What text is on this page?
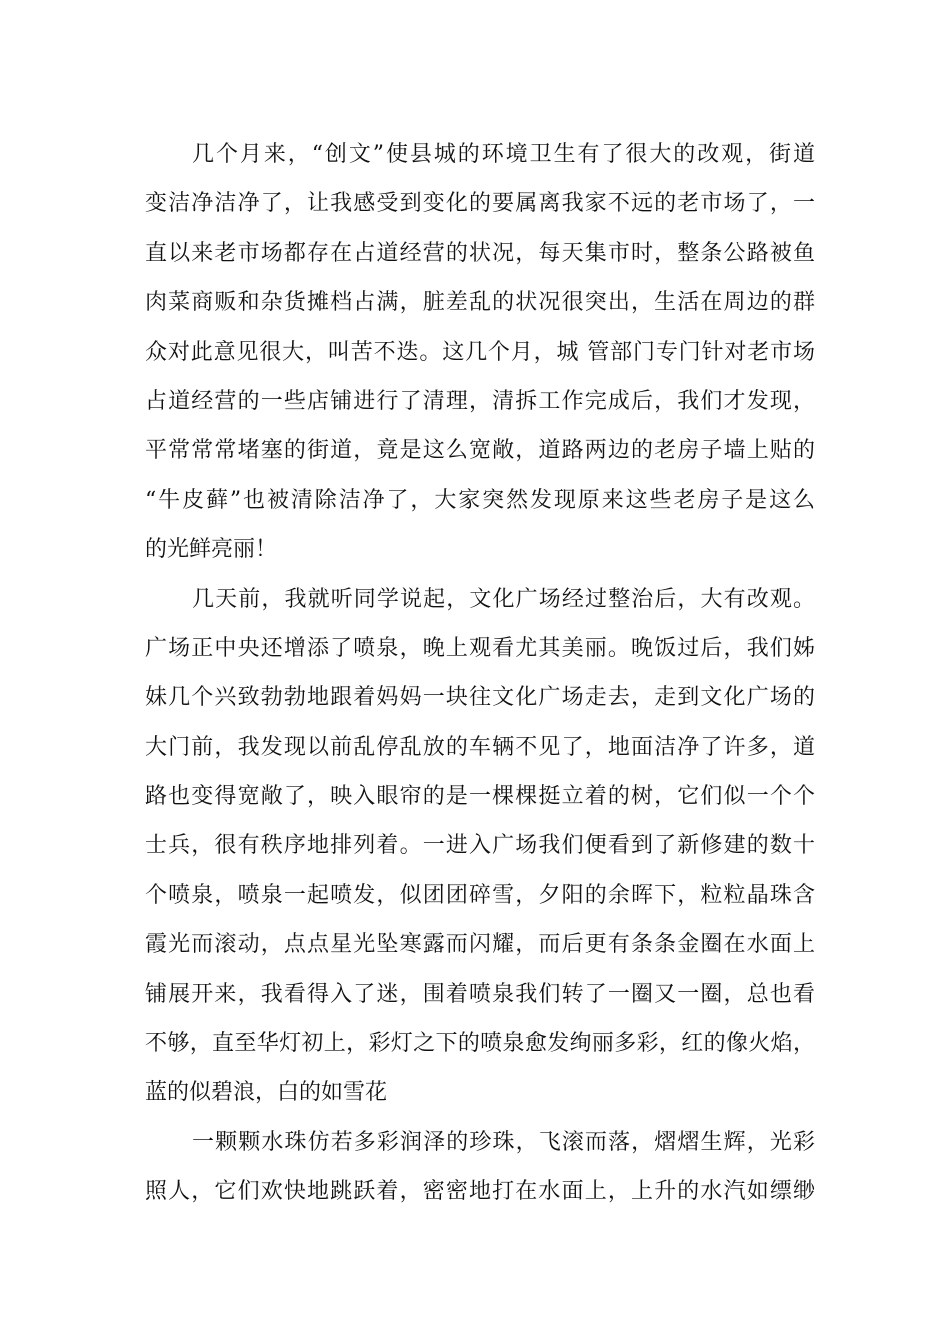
几个月来，“创文”使县城的环境卫生有了很大的改观，街道
变洁净洁净了，让我感受到变化的要属离我家不远的老市场了，一
直以来老市场都存在占道经营的状况，每天集市时，整条公路被鱼
肉菜商贩和杂货摊档占满，脏差乱的状况很突出，生活在周边的群
众对此意见很大，叫苦不迭。这几个月，城 管部门专门针对老市场
占道经营的一些店铺进行了清理，清拆工作完成后，我们才发现，
平常常常堵塞的街道，竟是这么宽敞，道路两边的老房子墙上贴的
“牛皮藓”也被清除洁净了，大家突然发现原来这些老房子是这么
的光鲜亮丽！
几天前，我就听同学说起，文化广场经过整治后，大有改观。
广场正中央还增添了喷泉，晚上观看尤其美丽。晚饭过后，我们姊
妹几个兴致勃勃地跟着妈妈一块往文化广场走去，走到文化广场的
大门前，我发现以前乱停乱放的车辆不见了，地面洁净了许多，道
路也变得宽敞了，映入眼帘的是一棵棵挺立着的树，它们似一个个
士兵，很有秩序地排列着。一进入广场我们便看到了新修建的数十
个喷泉，喷泉一起喷发，似团团碎雪，夕阳的余晖下，粒粒晶珠含
霞光而滚动，点点星光坠寒露而闪耀，而后更有条条金圈在水面上
铺展开来，我看得入了迷，围着喷泉我们转了一圈又一圈，总也看
不够，直至华灯初上，彩灯之下的喷泉愈发绚丽多彩，红的像火焰，
蓝的似碧浪，白的如雪花
一颗颗水珠仿若多彩润泽的珍珠，飞滚而落，熠熠生辉，光彩
照人，它们欢快地跳跃着，密密地打在水面上，上升的水汽如缥缈
